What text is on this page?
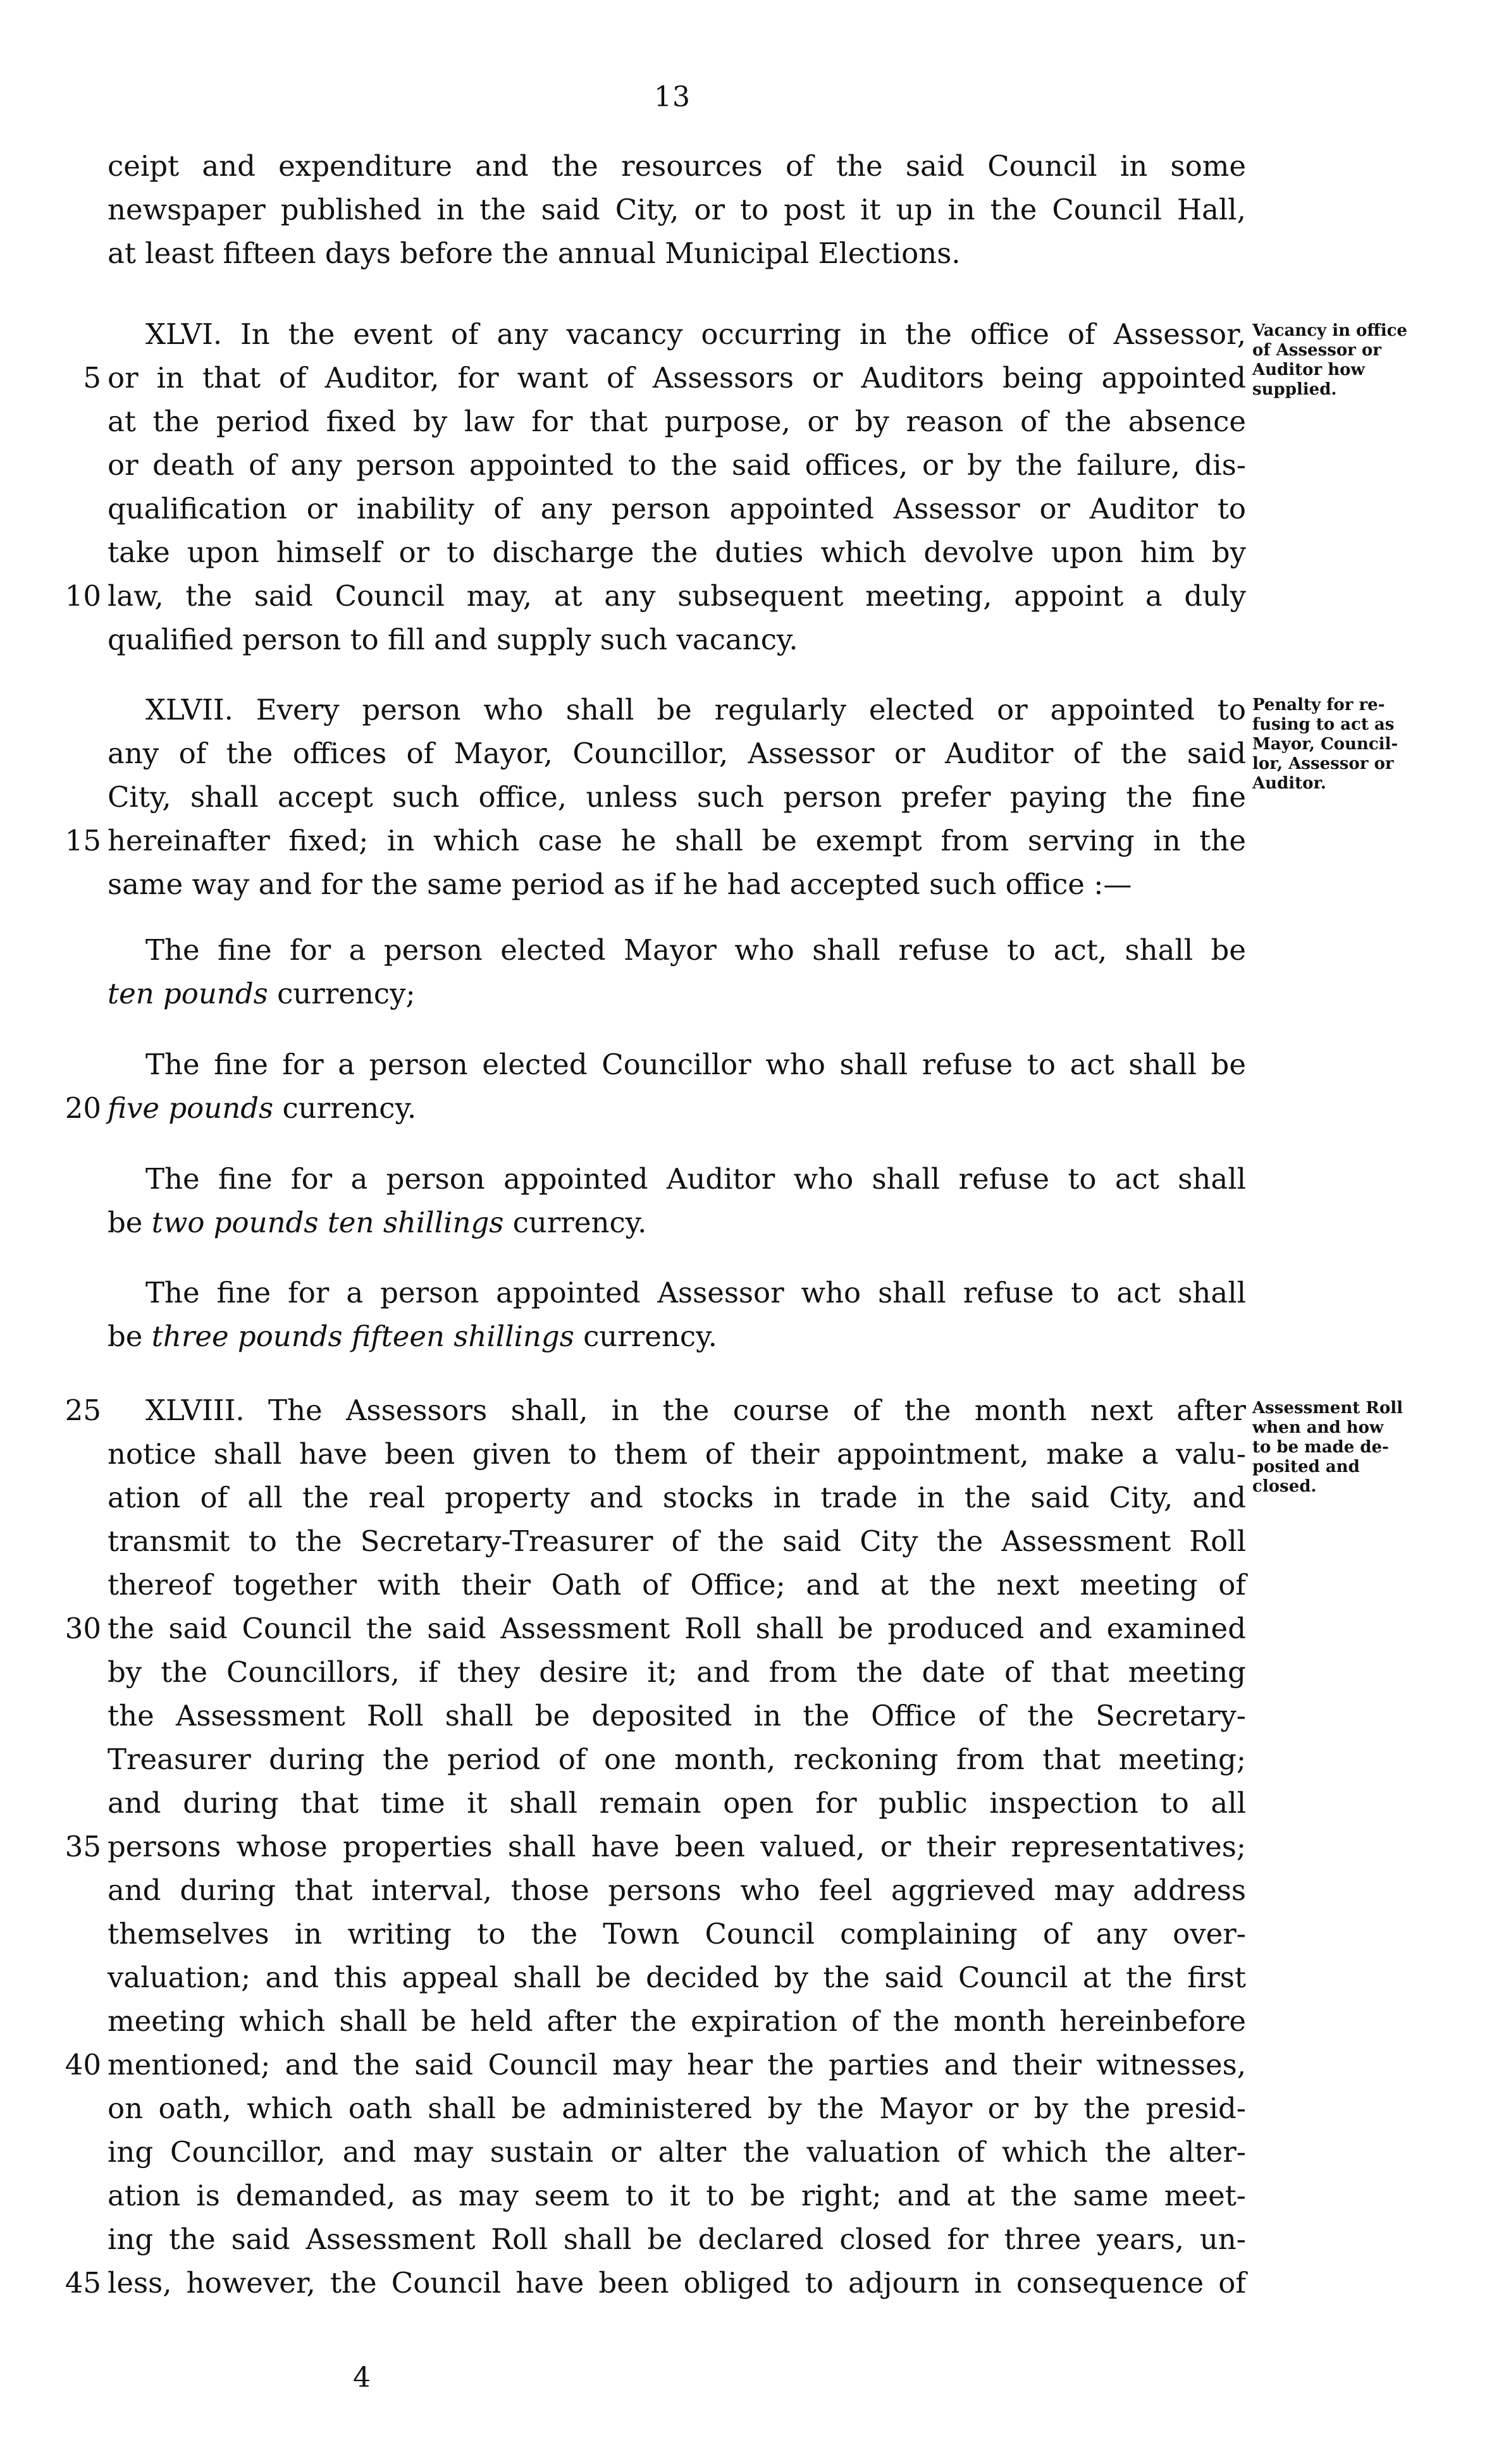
13

ceipt and expenditure and the resources of the said Council in some
newspaper published in the said City, or to post it up in the Council Hall,
at least fifteen days before the annual Municipal Elections.

XLVI. In the event of any vacancy occurring in the office of Assessor,
or in that of Auditor, for want of Assessors or Auditors being appointed
at the period fixed by law for that purpose, or by reason of the absence
or death of any person appointed to the said offices, or by the failure, dis-
qualification or inability of any person appointed Assessor or Auditor to
take upon himself or to discharge the duties which devolve upon him by
law, the said Council may, at any subsequent meeting, appoint a duly
qualified person to fill and supply such vacancy.

XLVII. Every person who shall be regularly elected or appointed to
any of the offices of Mayor, Councillor, Assessor or Auditor of the said
City, shall accept such office, unless such person prefer paying the fine
hereinafter fixed; in which case he shall be exempt from serving in the
same way and for the same period as if he had accepted such office :—

The fine for a person elected Mayor who shall refuse to act, shall be
ten pounds currency;

The fine for a person elected Councillor who shall refuse to act shall be
five pounds currency.

The fine for a person appointed Auditor who shall refuse to act shall
be two pounds ten shillings currency.

The fine for a person appointed Assessor who shall refuse to act shall
be three pounds fifteen shillings currency.

XLVIII. The Assessors shall, in the course of the month next after
notice shall have been given to them of their appointment, make a valu-
ation of all the real property and stocks in trade in the said City, and
transmit to the Secretary-Treasurer of the said City the Assessment Roll
thereof together with their Oath of Office; and at the next meeting of
the said Council the said Assessment Roll shall be produced and examined
by the Councillors, if they desire it; and from the date of that meeting
the Assessment Roll shall be deposited in the Office of the Secretary-
Treasurer during the period of one month, reckoning from that meeting;
and during that time it shall remain open for public inspection to all
persons whose properties shall have been valued, or their representatives;
and during that interval, those persons who feel aggrieved may address
themselves in writing to the Town Council complaining of any over-
valuation; and this appeal shall be decided by the said Council at the first
meeting which shall be held after the expiration of the month hereinbefore
mentioned; and the said Council may hear the parties and their witnesses,
on oath, which oath shall be administered by the Mayor or by the presid-
ing Councillor, and may sustain or alter the valuation of which the alter-
ation is demanded, as may seem to it to be right; and at the same meet-
ing the said Assessment Roll shall be declared closed for three years, un-
less, however, the Council have been obliged to adjourn in consequence of

5
10
15
20
25
30
35
40
45
Vacancy in office
of Assessor or
Auditor how
supplied.
Penalty for re-
fusing to act as
Mayor, Council-
lor, Assessor or
Auditor.
Assessment Roll
when and how
to be made de-
posited and
closed.
4
